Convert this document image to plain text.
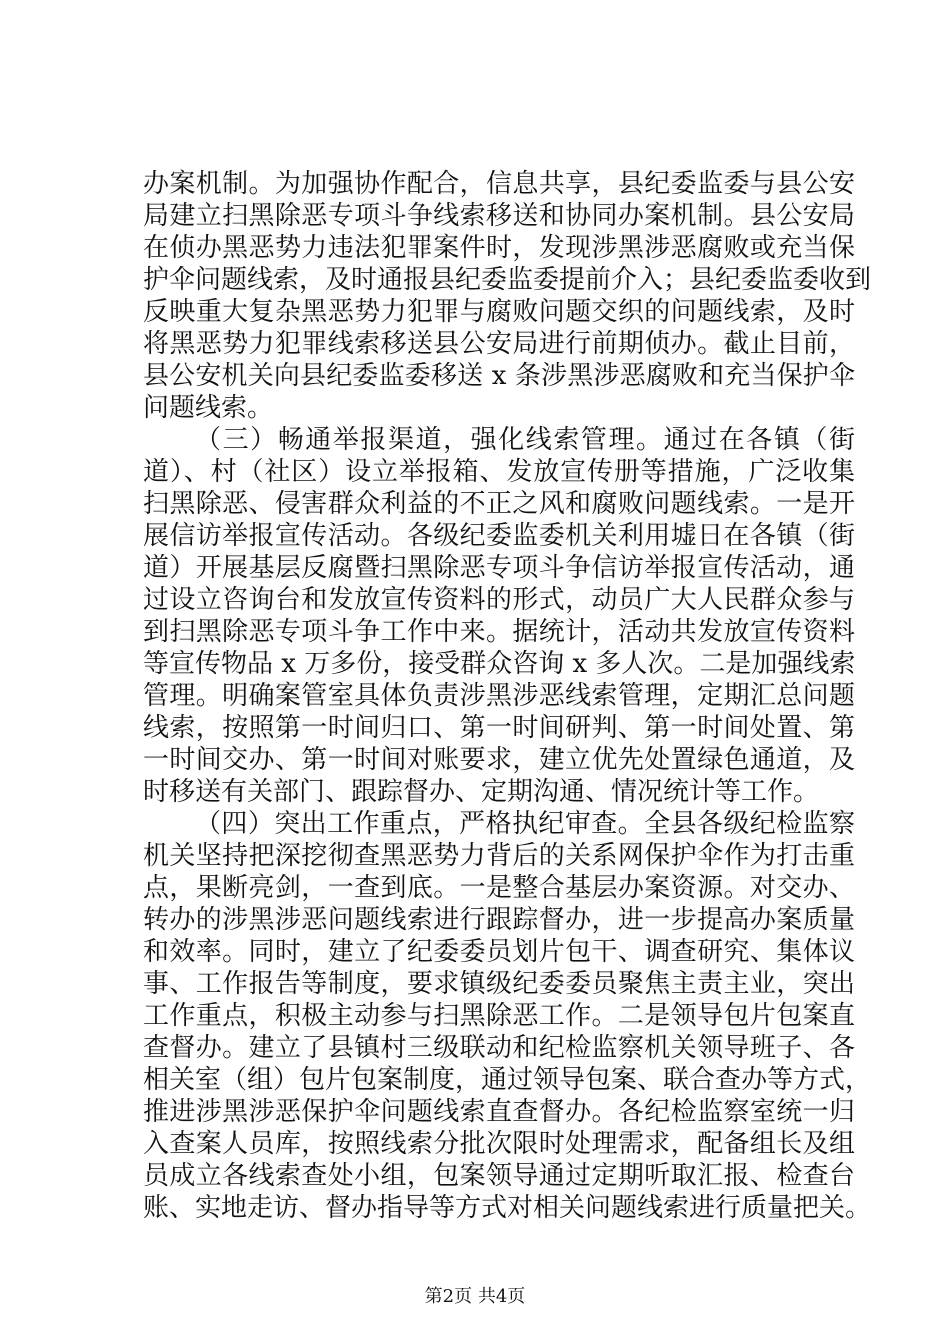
办案机制。为加强协作配合，信息共享，县纪委监委与县公安
局建立扫黑除恶专项斗争线索移送和协同办案机制。县公安局
在侦办黑恶势力违法犯罪案件时，发现涉黑涉恶腐败或充当保
护伞问题线索，及时通报县纪委监委提前介入；县纪委监委收到
反映重大复杂黑恶势力犯罪与腐败问题交织的问题线索，及时
将黑恶势力犯罪线索移送县公安局进行前期侦办。截止目前，
县公安机关向县纪委监委移送 x 条涉黑涉恶腐败和充当保护伞
问题线索。
（三）畅通举报渠道，强化线索管理。通过在各镇（街
道）、村（社区）设立举报箱、发放宣传册等措施，广泛收集
扫黑除恶、侵害群众利益的不正之风和腐败问题线索。一是开
展信访举报宣传活动。各级纪委监委机关利用墟日在各镇（街
道）开展基层反腐暨扫黑除恶专项斗争信访举报宣传活动，通
过设立咨询台和发放宣传资料的形式，动员广大人民群众参与
到扫黑除恶专项斗争工作中来。据统计，活动共发放宣传资料
等宣传物品 x 万多份，接受群众咨询 x 多人次。二是加强线索
管理。明确案管室具体负责涉黑涉恶线索管理，定期汇总问题
线索，按照第一时间归口、第一时间研判、第一时间处置、第
一时间交办、第一时间对账要求，建立优先处置绿色通道，及
时移送有关部门、跟踪督办、定期沟通、情况统计等工作。
（四）突出工作重点，严格执纪审查。全县各级纪检监察
机关坚持把深挖彻查黑恶势力背后的关系网保护伞作为打击重
点，果断亮剑，一查到底。一是整合基层办案资源。对交办、
转办的涉黑涉恶问题线索进行跟踪督办，进一步提高办案质量
和效率。同时，建立了纪委委员划片包干、调查研究、集体议
事、工作报告等制度，要求镇级纪委委员聚焦主责主业，突出
工作重点，积极主动参与扫黑除恶工作。二是领导包片包案直
查督办。建立了县镇村三级联动和纪检监察机关领导班子、各
相关室（组）包片包案制度，通过领导包案、联合查办等方式，
推进涉黑涉恶保护伞问题线索直查督办。各纪检监察室统一归
入查案人员库，按照线索分批次限时处理需求，配备组长及组
员成立各线索查处小组，包案领导通过定期听取汇报、检查台
账、实地走访、督办指导等方式对相关问题线索进行质量把关。
第2页 共4页
